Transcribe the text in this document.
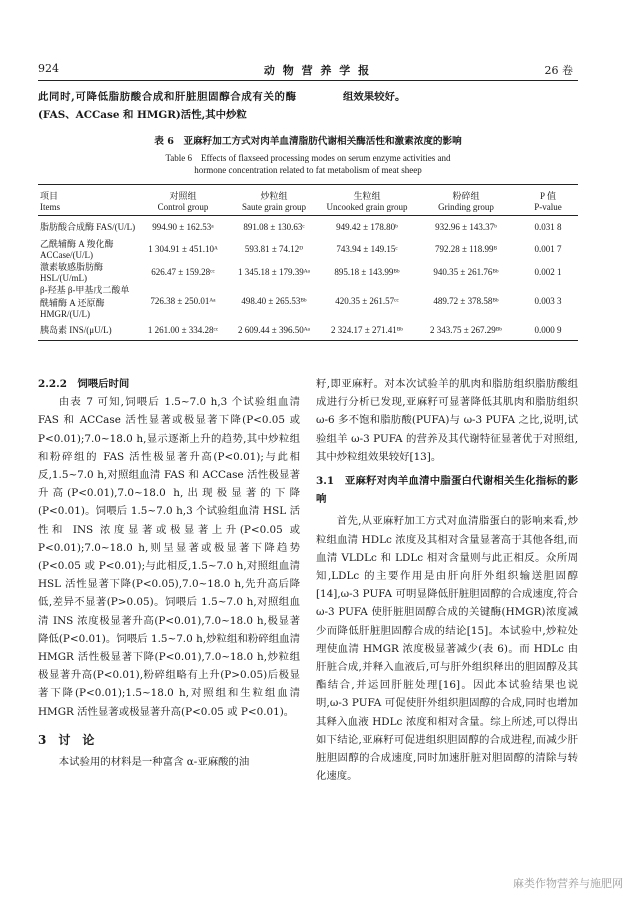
924	动 物 营 养 学 报	26 卷
此同时,可降低脂肪酸合成和肝脏胆固醇合成有关的酶(FAS、ACCase 和 HMGR)活性,其中炒粒
组效果较好。
表 6　亚麻籽加工方式对肉羊血清脂肪代谢相关酶活性和激素浓度的影响
Table 6　Effects of flaxseed processing modes on serum enzyme activities and
hormone concentration related to fat metabolism of meat sheep
项目	对照组	炒粒组	生粒组	粉碎组	P 值
Items	Control group	Saute grain group	Uncooked grain group	Grinding group	P-value
脂肪酸合成酶 FAS/(U/L)	994.90 ± 162.53ᵃ	891.08 ± 130.63ᶜ	949.42 ± 178.80ᵇ	932.96 ± 143.37ᵇ	0.031 8
乙酰辅酶 A 羧化酶 ACCase/(U/L)	1 304.91 ± 451.10ᴬ	593.81 ± 74.12ᴰ	743.94 ± 149.15ᶜ	792.28 ± 118.99ᴮ	0.001 7
激素敏感脂肪酶 HSL/(U/mL)	626.47 ± 159.28ᶜᶜ	1 345.18 ± 179.39ᴬᵃ	895.18 ± 143.99ᴮᵇ	940.35 ± 261.76ᴮᵇ	0.002 1
β-羟基 β-甲基戊二酸单酰辅酶 A 还原酶 HMGR/(U/L)	726.38 ± 250.01ᴬᵃ	498.40 ± 265.53ᴮᵇ	420.35 ± 261.57ᶜᶜ	489.72 ± 378.58ᴮᵇ	0.003 3
胰岛素 INS/(μU/L)	1 261.00 ± 334.28ᶜᶜ	2 609.44 ± 396.50ᴬᵃ	2 324.17 ± 271.41ᴮᵇ	2 343.75 ± 267.29ᴮᵇ	0.000 9

2.2.2　饲喂后时间

由表 7 可知,饲喂后 1.5~7.0 h,3 个试验组血清 FAS 和 ACCase 活性显著或极显著下降(P<0.05 或 P<0.01);7.0~18.0 h,显示逐渐上升的趋势,其中炒粒组和粉碎组的 FAS 活性极显著升高(P<0.01);与此相反,1.5~7.0 h,对照组血清 FAS 和 ACCase 活性极显著升高(P<0.01),7.0~18.0 h,出现极显著的下降(P<0.01)。饲喂后 1.5~7.0 h,3 个试验组血清 HSL 活性和 INS 浓度显著或极显著上升(P<0.05 或 P<0.01);7.0~18.0 h,则呈显著或极显著下降趋势(P<0.05 或 P<0.01);与此相反,1.5~7.0 h,对照组血清 HSL 活性显著下降(P<0.05),7.0~18.0 h,先升高后降低,差异不显著(P>0.05)。饲喂后 1.5~7.0 h,对照组血清 INS 浓度极显著升高(P<0.01),7.0~18.0 h,极显著降低(P<0.01)。饲喂后 1.5~7.0 h,炒粒组和粉碎组血清 HMGR 活性极显著下降(P<0.01),7.0~18.0 h,炒粒组极显著升高(P<0.01),粉碎组略有上升(P>0.05)后极显著下降(P<0.01);1.5~18.0 h,对照组和生粒组血清 HMGR 活性显著或极显著升高(P<0.05 或 P<0.01)。

3　讨　论

本试验用的材料是一种富含 α-亚麻酸的油

籽,即亚麻籽。对本次试验羊的肌肉和脂肪组织脂肪酸组成进行分析已发现,亚麻籽可显著降低其肌肉和脂肪组织 ω-6 多不饱和脂肪酸(PUFA)与 ω-3 PUFA 之比,说明,试验组羊 ω-3 PUFA 的营养及其代谢特征显著优于对照组,其中炒粒组效果较好[13]。

3.1　亚麻籽对肉羊血清中脂蛋白代谢相关生化指标的影响

首先,从亚麻籽加工方式对血清脂蛋白的影响来看,炒粒组血清 HDLc 浓度及其相对含量显著高于其他各组,而血清 VLDLc 和 LDLc 相对含量则与此正相反。众所周知,LDLc 的主要作用是由肝向肝外组织输送胆固醇[14],ω-3 PUFA 可明显降低肝脏胆固醇的合成速度,符合 ω-3 PUFA 使肝脏胆固醇合成的关键酶(HMGR)浓度减少而降低肝脏胆固醇合成的结论[15]。本试验中,炒粒处理使血清 HMGR 浓度极显著减少(表 6)。而 HDLc 由肝脏合成,并释入血液后,可与肝外组织释出的胆固醇及其酯结合,并运回肝脏处理[16]。因此本试验结果也说明,ω-3 PUFA 可促使肝外组织胆固醇的合成,同时也增加其释入血液 HDLc 浓度和相对含量。综上所述,可以得出如下结论,亚麻籽可促进组织胆固醇的合成进程,而减少肝脏胆固醇的合成速度,同时加速肝脏对胆固醇的清除与转化速度。

麻类作物营养与施肥网
